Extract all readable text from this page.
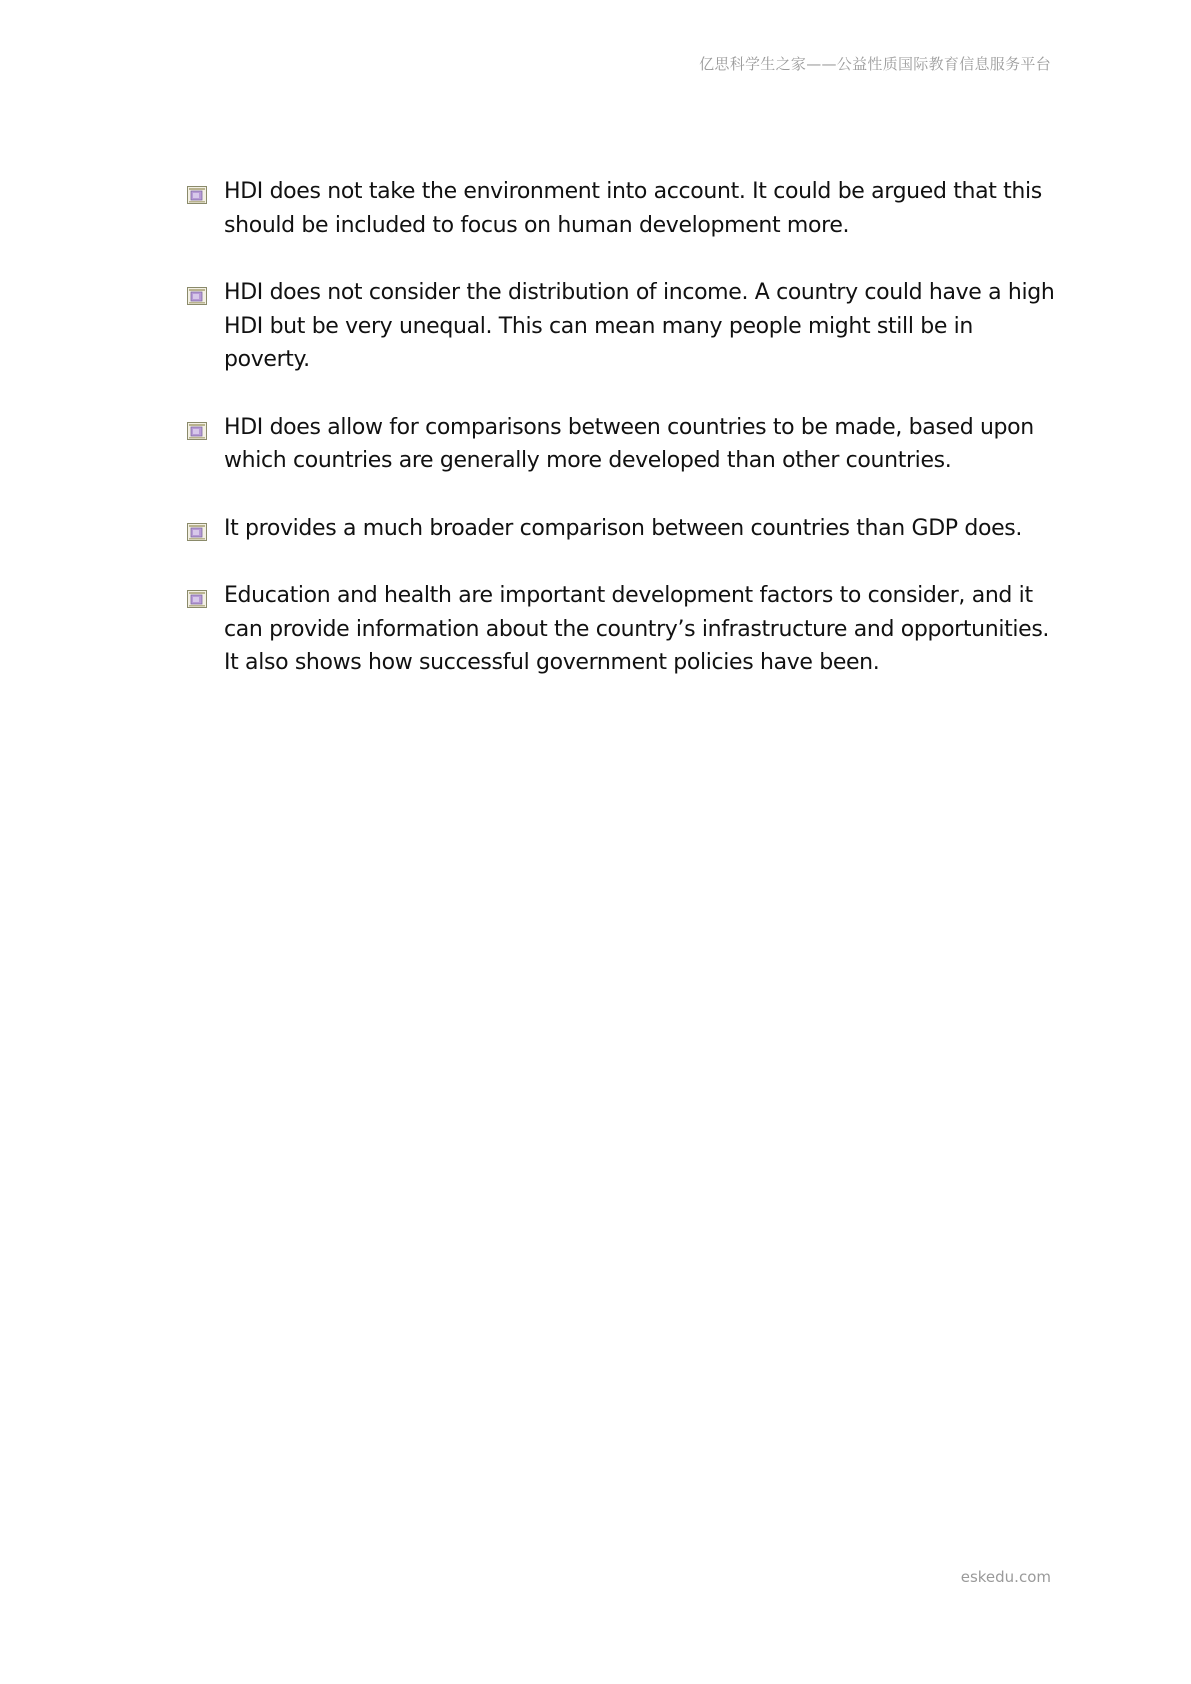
亿思科学生之家——公益性质国际教育信息服务平台
HDI does not take the environment into account. It could be argued that this should be included to focus on human development more.
HDI does not consider the distribution of income. A country could have a high HDI but be very unequal. This can mean many people might still be in poverty.
HDI does allow for comparisons between countries to be made, based upon which countries are generally more developed than other countries.
It provides a much broader comparison between countries than GDP does.
Education and health are important development factors to consider, and it can provide information about the country’s infrastructure and opportunities. It also shows how successful government policies have been.
eskedu.com
